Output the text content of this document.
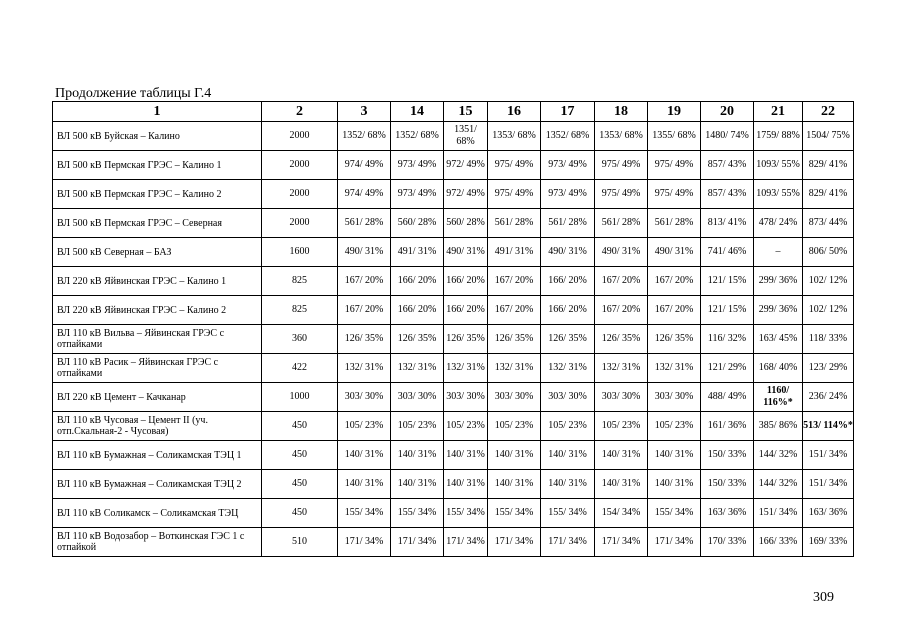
Продолжение таблицы Г.4
1	2	3	14	15	16	17	18	19	20	21	22
ВЛ 500 кВ Буйская – Калино	2000	1352/ 68%	1352/ 68%	1351/ 68%	1353/ 68%	1352/ 68%	1353/ 68%	1355/ 68%	1480/ 74%	1759/ 88%	1504/ 75%
ВЛ 500 кВ Пермская ГРЭС – Калино 1	2000	974/ 49%	973/ 49%	972/ 49%	975/ 49%	973/ 49%	975/ 49%	975/ 49%	857/ 43%	1093/ 55%	829/ 41%
ВЛ 500 кВ Пермская ГРЭС – Калино 2	2000	974/ 49%	973/ 49%	972/ 49%	975/ 49%	973/ 49%	975/ 49%	975/ 49%	857/ 43%	1093/ 55%	829/ 41%
ВЛ 500 кВ Пермская ГРЭС – Северная	2000	561/ 28%	560/ 28%	560/ 28%	561/ 28%	561/ 28%	561/ 28%	561/ 28%	813/ 41%	478/ 24%	873/ 44%
ВЛ 500 кВ Северная – БАЗ	1600	490/ 31%	491/ 31%	490/ 31%	491/ 31%	490/ 31%	490/ 31%	490/ 31%	741/ 46%	–	806/ 50%
ВЛ 220 кВ Яйвинская ГРЭС – Калино 1	825	167/ 20%	166/ 20%	166/ 20%	167/ 20%	166/ 20%	167/ 20%	167/ 20%	121/ 15%	299/ 36%	102/ 12%
ВЛ 220 кВ Яйвинская ГРЭС – Калино 2	825	167/ 20%	166/ 20%	166/ 20%	167/ 20%	166/ 20%	167/ 20%	167/ 20%	121/ 15%	299/ 36%	102/ 12%
ВЛ 110 кВ Вильва – Яйвинская ГРЭС с отпайками	360	126/ 35%	126/ 35%	126/ 35%	126/ 35%	126/ 35%	126/ 35%	126/ 35%	116/ 32%	163/ 45%	118/ 33%
ВЛ 110 кВ Расик – Яйвинская ГРЭС с отпайками	422	132/ 31%	132/ 31%	132/ 31%	132/ 31%	132/ 31%	132/ 31%	132/ 31%	121/ 29%	168/ 40%	123/ 29%
ВЛ 220 кВ Цемент – Качканар	1000	303/ 30%	303/ 30%	303/ 30%	303/ 30%	303/ 30%	303/ 30%	303/ 30%	488/ 49%	1160/ 116%*	236/ 24%
ВЛ 110 кВ Чусовая – Цемент II (уч. отп.Скальная-2 - Чусовая)	450	105/ 23%	105/ 23%	105/ 23%	105/ 23%	105/ 23%	105/ 23%	105/ 23%	161/ 36%	385/ 86%	513/ 114%*
ВЛ 110 кВ Бумажная – Соликамская ТЭЦ 1	450	140/ 31%	140/ 31%	140/ 31%	140/ 31%	140/ 31%	140/ 31%	140/ 31%	150/ 33%	144/ 32%	151/ 34%
ВЛ 110 кВ Бумажная – Соликамская ТЭЦ 2	450	140/ 31%	140/ 31%	140/ 31%	140/ 31%	140/ 31%	140/ 31%	140/ 31%	150/ 33%	144/ 32%	151/ 34%
ВЛ 110 кВ Соликамск – Соликамская ТЭЦ	450	155/ 34%	155/ 34%	155/ 34%	155/ 34%	155/ 34%	154/ 34%	155/ 34%	163/ 36%	151/ 34%	163/ 36%
ВЛ 110 кВ Водозабор – Воткинская ГЭС 1 с отпайкой	510	171/ 34%	171/ 34%	171/ 34%	171/ 34%	171/ 34%	171/ 34%	171/ 34%	170/ 33%	166/ 33%	169/ 33%
309
